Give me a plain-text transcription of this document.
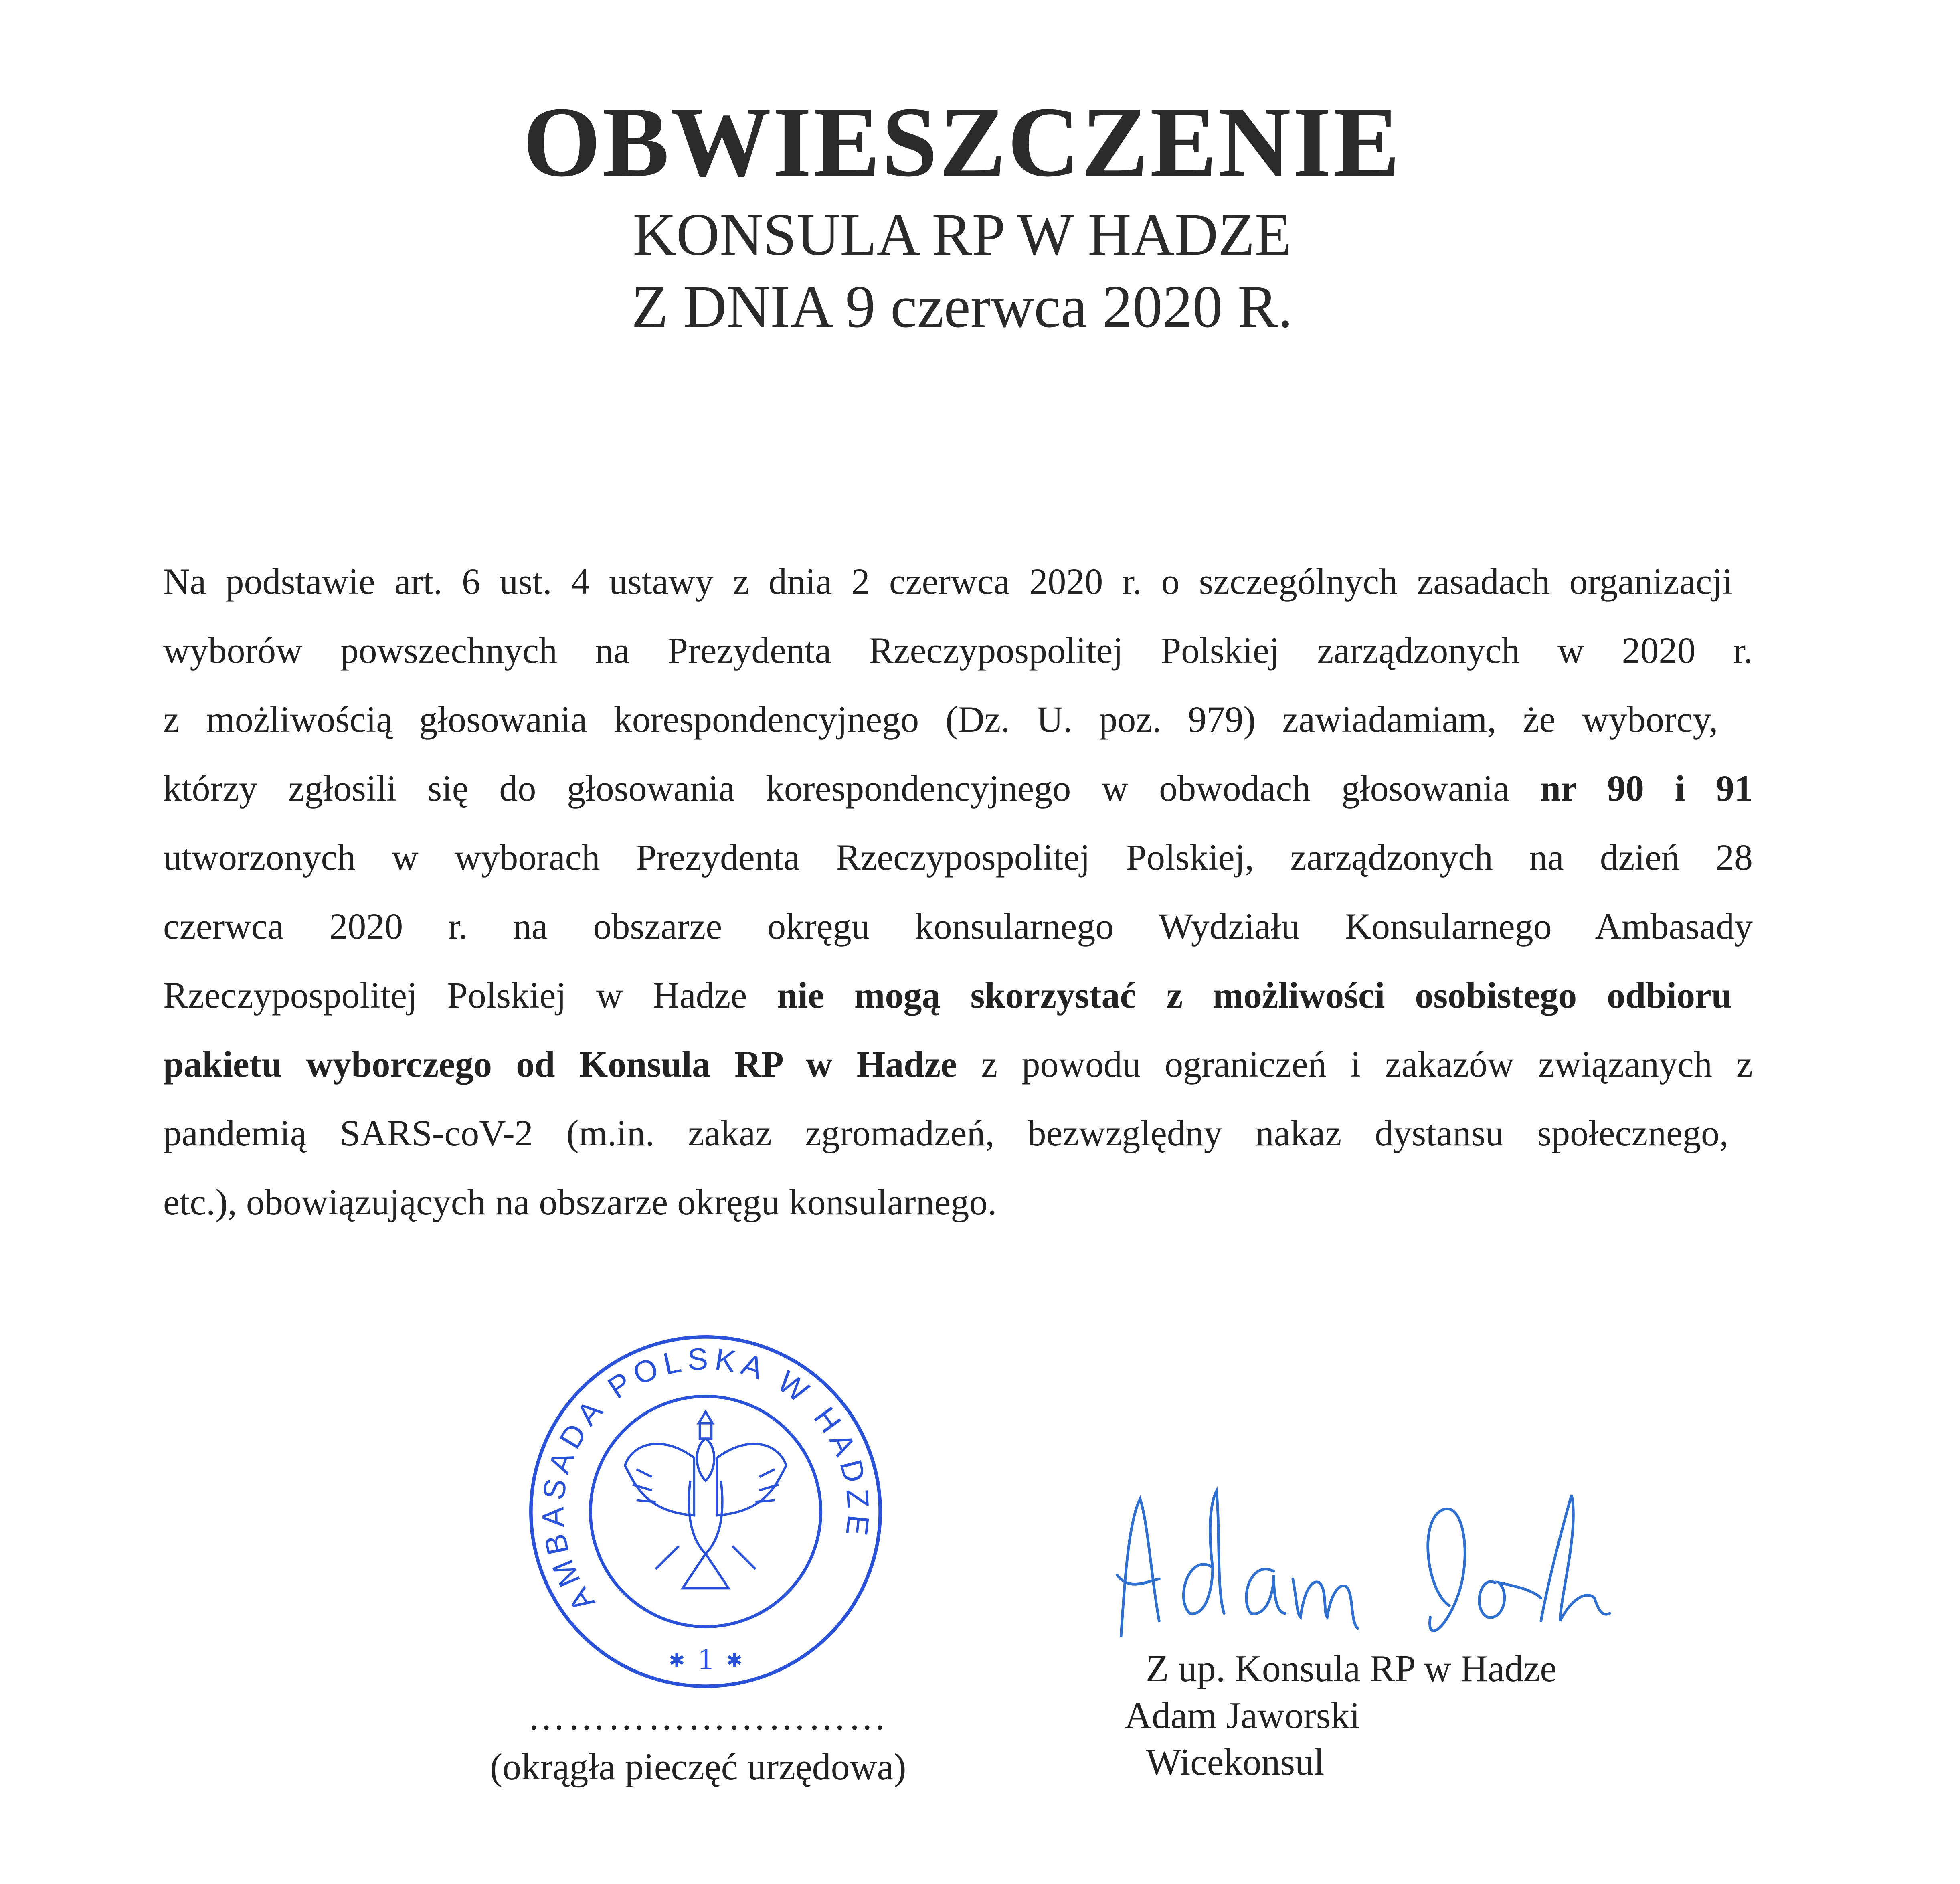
OBWIESZCZENIE
KONSULA RP W HADZE
Z DNIA 9 czerwca 2020 R.
Na podstawie art. 6 ust. 4 ustawy z dnia 2 czerwca 2020 r. o szczególnych zasadach organizacji
wyborów powszechnych na Prezydenta Rzeczypospolitej Polskiej zarządzonych w 2020 r.
z możliwością głosowania korespondencyjnego (Dz. U. poz. 979) zawiadamiam, że wyborcy,
którzy zgłosili się do głosowania korespondencyjnego w obwodach głosowania nr 90 i 91
utworzonych w wyborach Prezydenta Rzeczypospolitej Polskiej, zarządzonych na dzień 28
czerwca 2020 r. na obszarze okręgu konsularnego Wydziału Konsularnego Ambasady
Rzeczypospolitej Polskiej w Hadze nie mogą skorzystać z możliwości osobistego odbioru
pakietu wyborczego od Konsula RP w Hadze z powodu ograniczeń i zakazów związanych z
pandemią SARS-coV-2 (m.in. zakaz zgromadzeń, bezwzględny nakaz dystansu społecznego,
etc.), obowiązujących na obszarze okręgu konsularnego.
AMBASADA POLSKA W HADZE
1
✱ ✱
………………………
(okrągła pieczęć urzędowa)
Z up. Konsula RP w Hadze
Adam Jaworski
Wicekonsul
